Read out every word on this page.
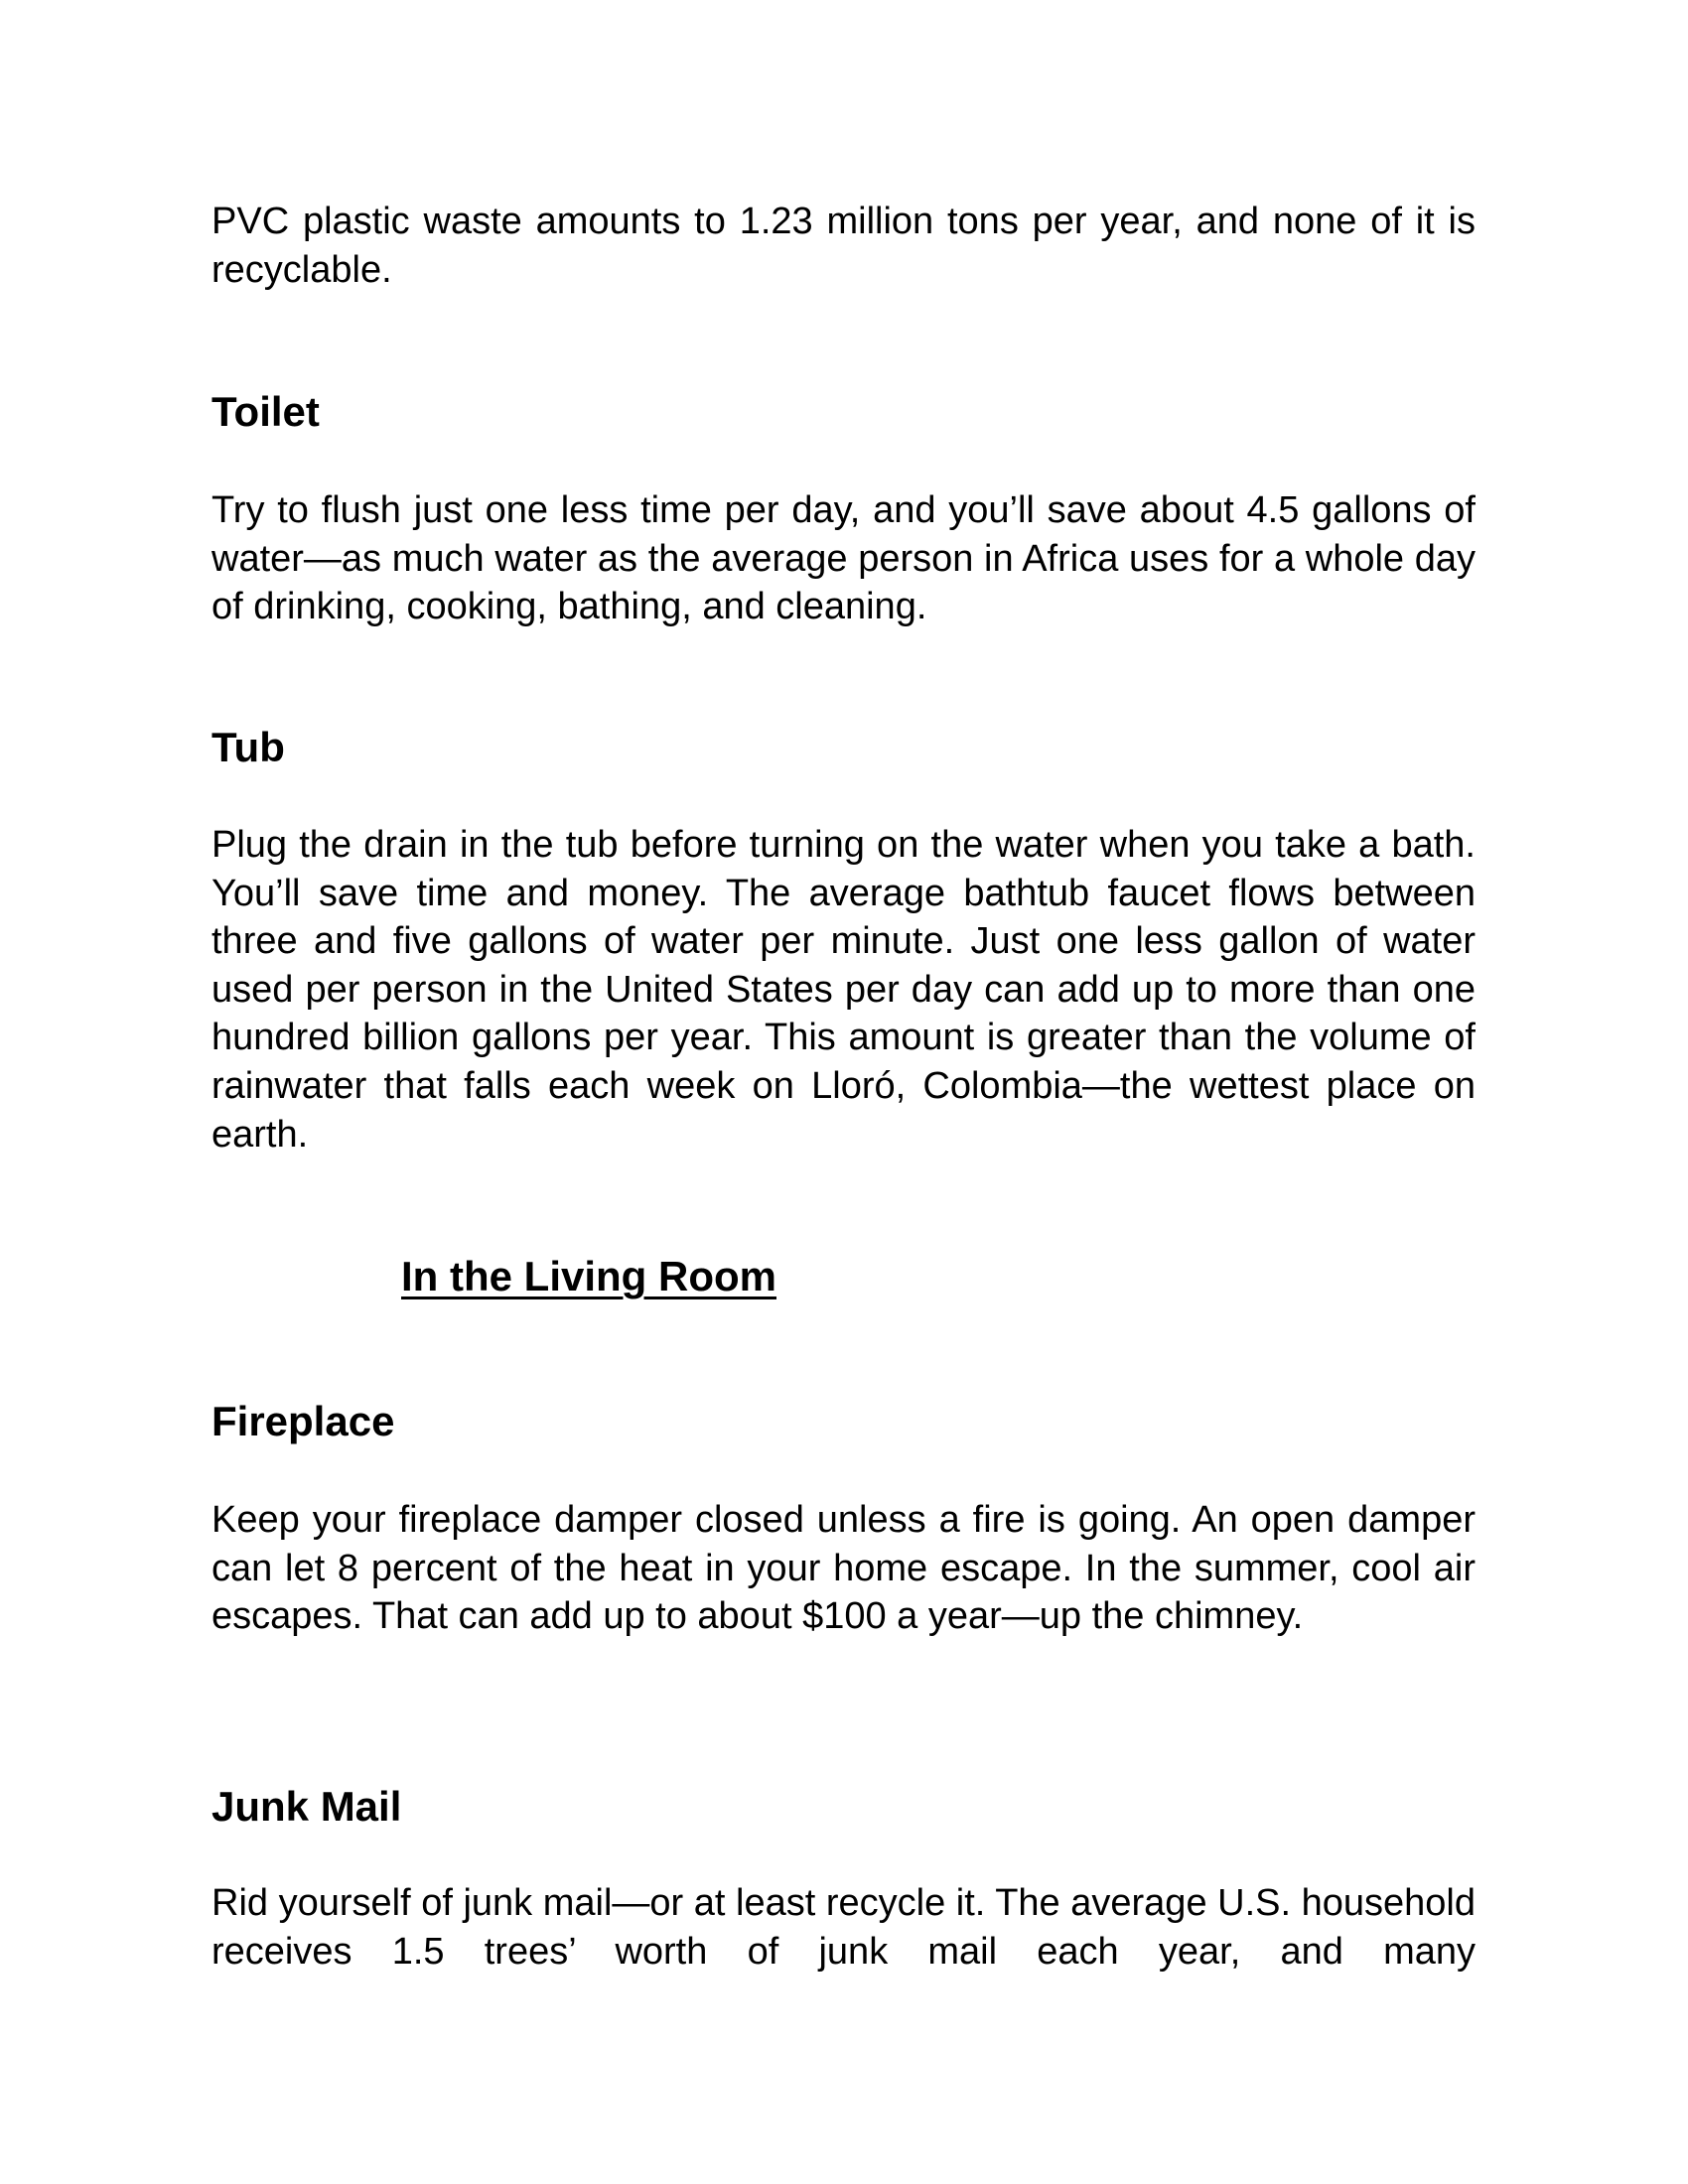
PVC plastic waste amounts to 1.23 million tons per year, and none of it is recyclable.

Toilet

Try to flush just one less time per day, and you’ll save about 4.5 gallons of water—as much water as the average person in Africa uses for a whole day of drinking, cooking, bathing, and cleaning.

Tub

Plug the drain in the tub before turning on the water when you take a bath. You’ll save time and money. The average bathtub faucet flows between three and five gallons of water per minute. Just one less gallon of water used per person in the United States per day can add up to more than one hundred billion gallons per year. This amount is greater than the volume of rainwater that falls each week on Lloró, Colombia—the wettest place on earth.

In the Living Room
Fireplace

Keep your fireplace damper closed unless a fire is going. An open damper can let 8 percent of the heat in your home escape. In the summer, cool air escapes. That can add up to about $100 a year—up the chimney.

Junk Mail

Rid yourself of junk mail—or at least recycle it. The average U.S. household receives 1.5 trees’ worth of junk mail each year, and many
